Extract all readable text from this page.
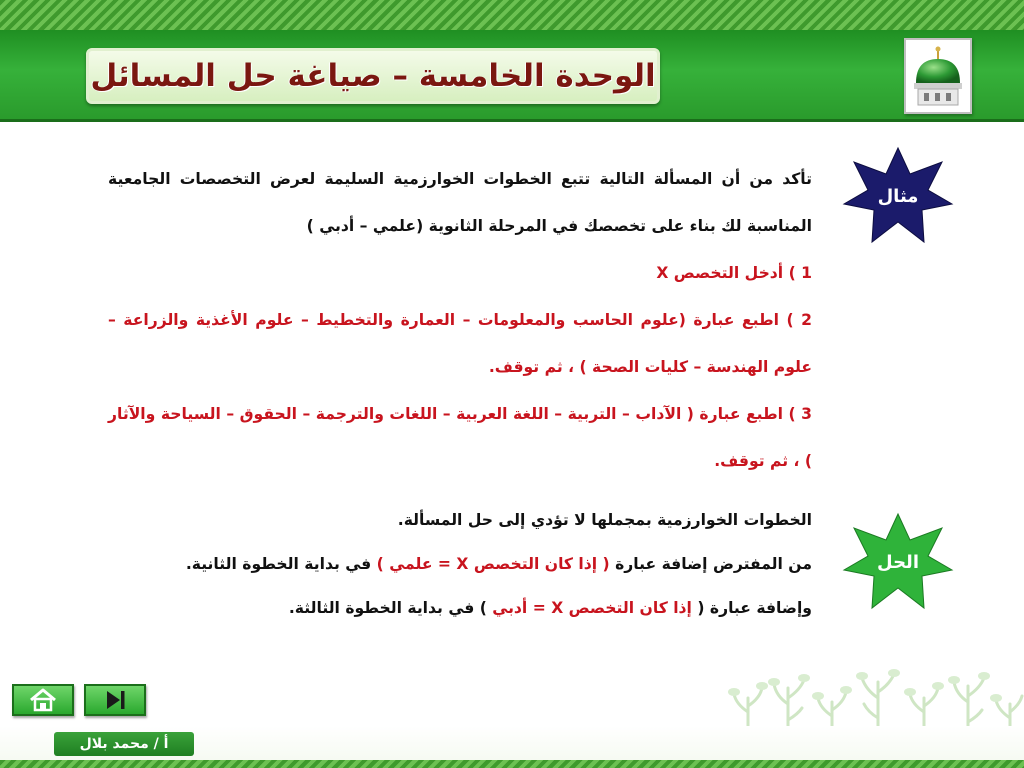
الوحدة الخامسة – صياغة حل المسائل
مثال
تأكد من أن المسألة التالية تتبع الخطوات الخوارزمية السليمة لعرض التخصصات الجامعية المناسبة لك بناء على تخصصك في المرحلة الثانوية (علمي – أدبي )
1 ) أدخل التخصص X
2 ) اطبع عبارة (علوم الحاسب والمعلومات – العمارة والتخطيط – علوم الأغذية والزراعة – علوم الهندسة – كليات الصحة ) ، ثم توقف.
3 ) اطبع عبارة ( الآداب – التربية – اللغة العربية – اللغات والترجمة – الحقوق – السياحة والآثار ) ، ثم توقف.
الحل
الخطوات الخوارزمية بمجملها لا تؤدي إلى حل المسألة.
من المفترض إضافة عبارة ( إذا كان التخصص X = علمي ) في بداية الخطوة الثانية.
وإضافة عبارة ( إذا كان التخصص X = أدبي ) في بداية الخطوة الثالثة.
أ / محمد بلال
